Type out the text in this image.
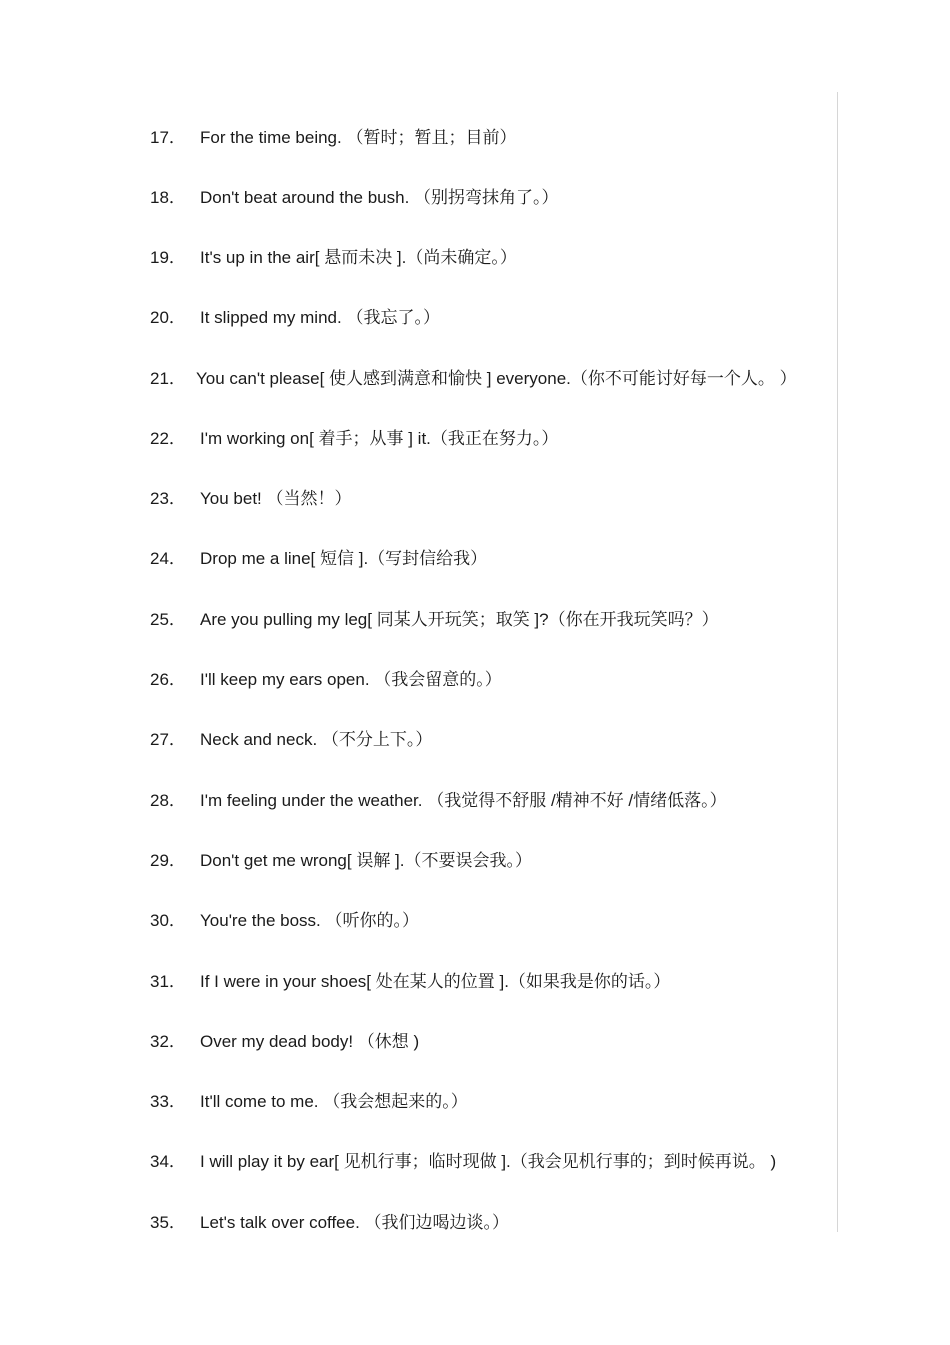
17． For the time being. （暂时；暂且；目前）
18． Don't beat around the bush. （别拐弯抹角了。）
19． It's up in the air[ 悬而未决 ].（尚未确定。）
20． It slipped my mind. （我忘了。）
21． You can't please[ 使人感到满意和愉快 ] everyone.（你不可能讨好每一个人。 ）
22． I'm working on[ 着手；从事 ] it.（我正在努力。）
23． You bet! （当然！）
24． Drop me a line[ 短信 ].（写封信给我）
25． Are you pulling my leg[ 同某人开玩笑；取笑 ]?（你在开我玩笑吗？）
26． I'll keep my ears open. （我会留意的。）
27． Neck and neck. （不分上下。）
28． I'm feeling under the weather. （我觉得不舒服 /精神不好 /情绪低落。）
29． Don't get me wrong[ 误解 ].（不要误会我。）
30． You're the boss. （听你的。）
31． If I were in your shoes[ 处在某人的位置 ].（如果我是你的话。）
32． Over my dead body! （休想 )
33． It'll come to me. （我会想起来的。）
34． I will play it by ear[ 见机行事；临时现做 ].（我会见机行事的；到时候再说。 )
35． Let's talk over coffee. （我们边喝边谈。）
